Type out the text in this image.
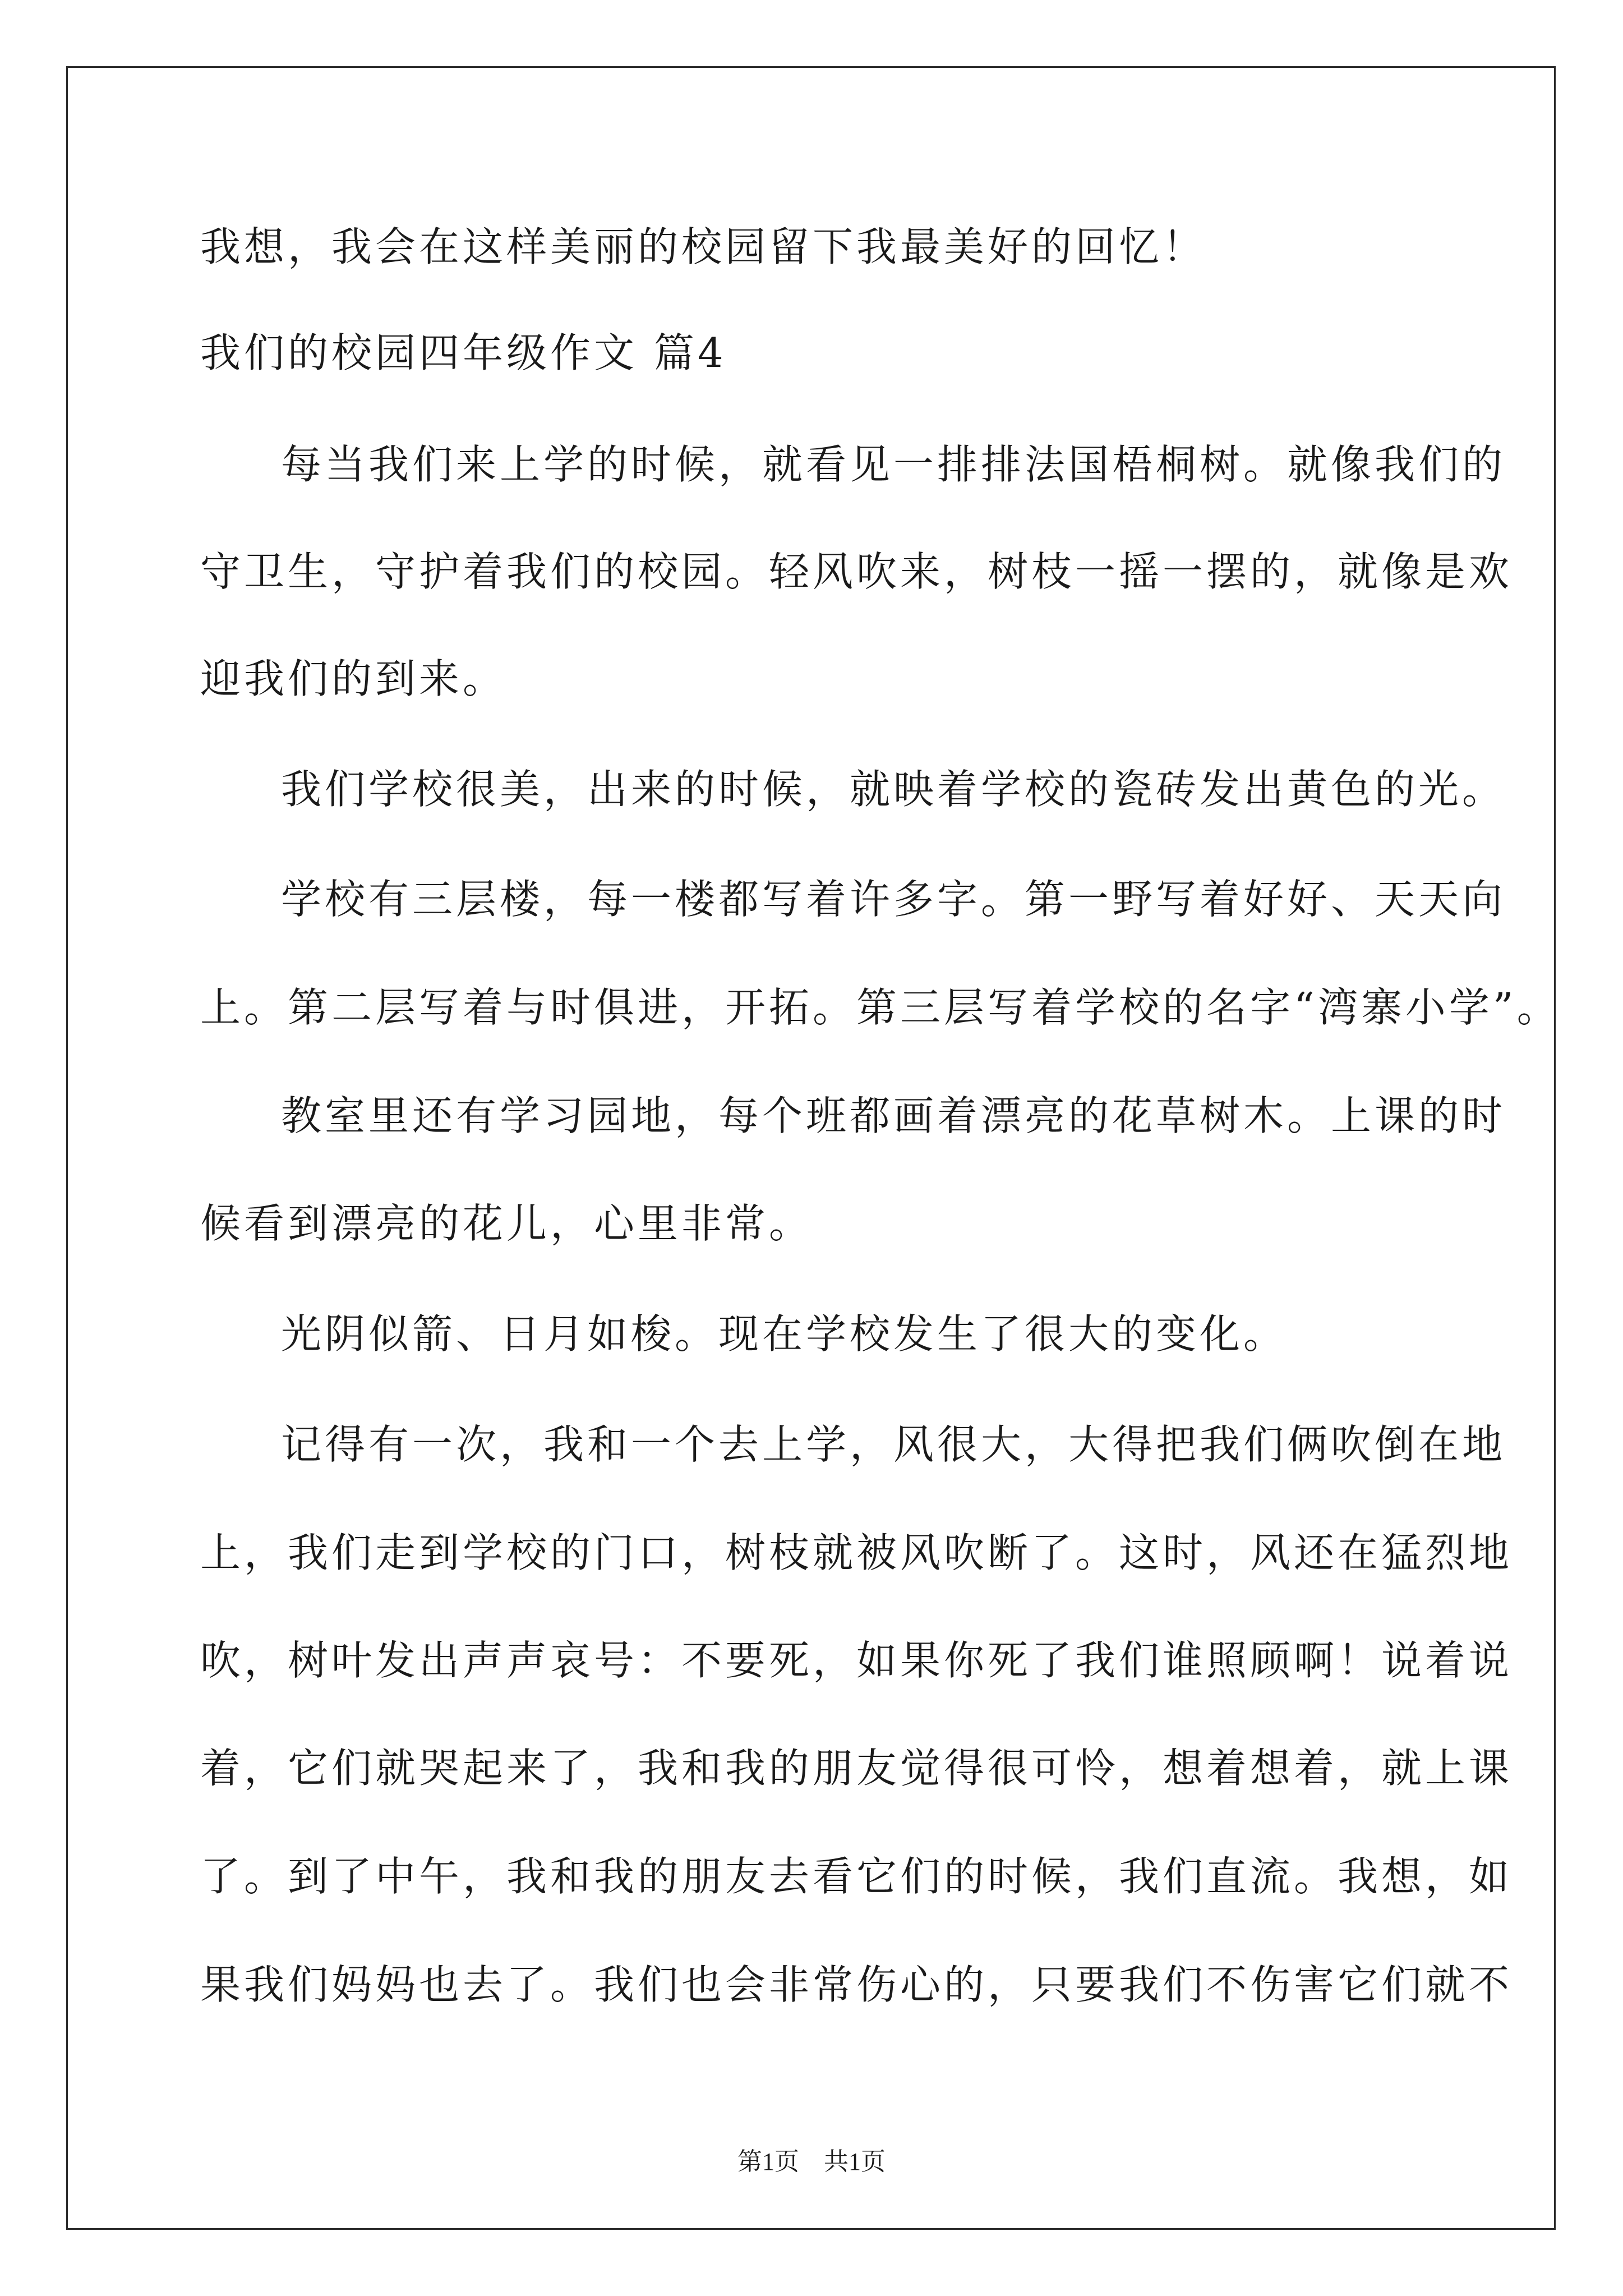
我想，我会在这样美丽的校园留下我最美好的回忆！
我们的校园四年级作文 篇4
每当我们来上学的时候，就看见一排排法国梧桐树。就像我们的
守卫生，守护着我们的校园。轻风吹来，树枝一摇一摆的，就像是欢
迎我们的到来。
我们学校很美，出来的时候，就映着学校的瓷砖发出黄色的光。
学校有三层楼，每一楼都写着许多字。第一野写着好好、天天向
上。第二层写着与时俱进，开拓。第三层写着学校的名字“湾寨小学”。
教室里还有学习园地，每个班都画着漂亮的花草树木。上课的时
候看到漂亮的花儿，心里非常。
光阴似箭、日月如梭。现在学校发生了很大的变化。
记得有一次，我和一个去上学，风很大，大得把我们俩吹倒在地
上，我们走到学校的门口，树枝就被风吹断了。这时，风还在猛烈地
吹，树叶发出声声哀号：不要死，如果你死了我们谁照顾啊！说着说
着，它们就哭起来了，我和我的朋友觉得很可怜，想着想着，就上课
了。到了中午，我和我的朋友去看它们的时候，我们直流。我想，如
果我们妈妈也去了。我们也会非常伤心的，只要我们不伤害它们就不
第1页　共1页
